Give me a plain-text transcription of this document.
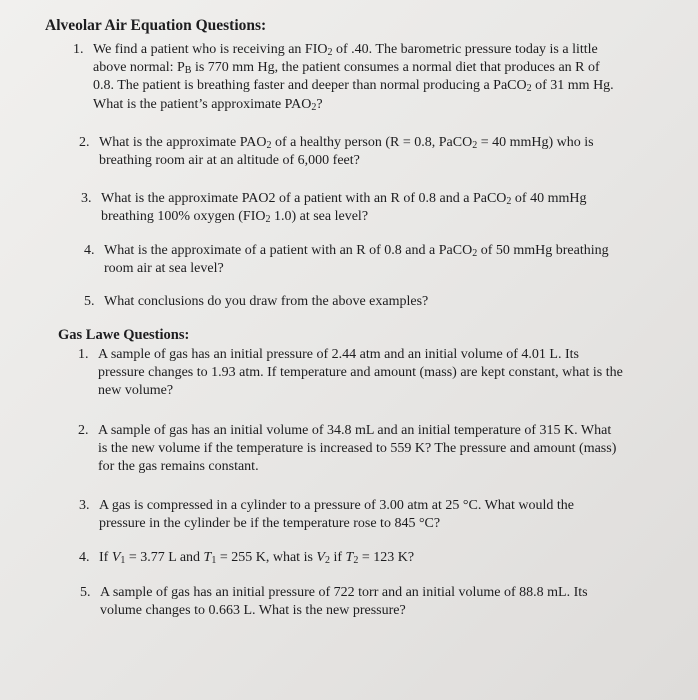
Alveolar Air Equation Questions:
1. We find a patient who is receiving an $FIO_2$ of .40. The barometric pressure today is a little above normal: $P_B$ is 770 mm Hg, the patient consumes a normal diet that produces an R of 0.8. The patient is breathing faster and deeper than normal producing a PaCO$_2$ of 31 mm Hg. What is the patient’s approximate $PAO_2$?
2. What is the approximate $PAO_2$ of a healthy person (R = 0.8, PaCO$_2$ = 40 mmHg) who is breathing room air at an altitude of 6,000 feet?
3. What is the approximate PAO2 of a patient with an R of 0.8 and a PaCO$_2$ of 40 mmHg breathing 100% oxygen ($FIO_2$ 1.0) at sea level?
4. What is the approximate of a patient with an R of 0.8 and a PaCO$_2$ of 50 mmHg breathing room air at sea level?
5. What conclusions do you draw from the above examples?
Gas Lawe Questions:
1. A sample of gas has an initial pressure of 2.44 atm and an initial volume of 4.01 L. Its pressure changes to 1.93 atm. If temperature and amount (mass) are kept constant, what is the new volume?
2. A sample of gas has an initial volume of 34.8 mL and an initial temperature of 315 K. What is the new volume if the temperature is increased to 559 K? The pressure and amount (mass) for the gas remains constant.
3. A gas is compressed in a cylinder to a pressure of 3.00 atm at 25 °C. What would the pressure in the cylinder be if the temperature rose to 845 °C?
4. If $V_1 = 3.77$ L and $T_1 = 255$ K, what is $V_2$ if $T_2 = 123$ K?
5. A sample of gas has an initial pressure of 722 torr and an initial volume of 88.8 mL. Its volume changes to 0.663 L. What is the new pressure?
